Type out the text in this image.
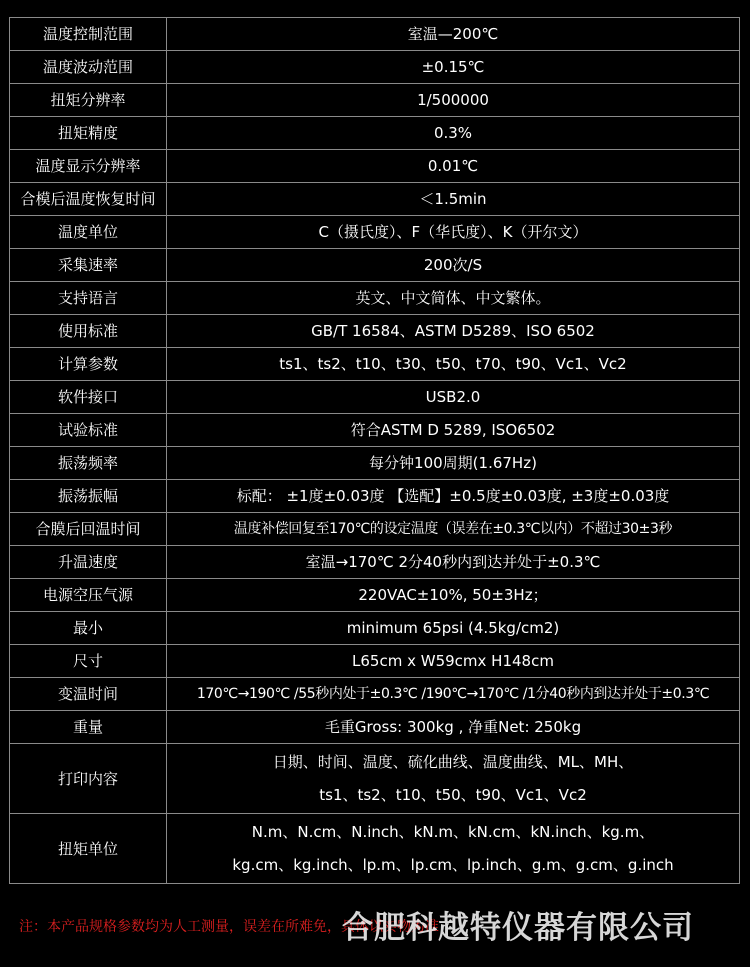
温度控制范围	室温—200℃
温度波动范围	±0.15℃
扭矩分辨率	1/500000
扭矩精度	0.3%
温度显示分辨率	0.01℃
合模后温度恢复时间	＜1.5min
温度单位	C（摄氏度）、F（华氏度）、K（开尔文）
采集速率	200次/S
支持语言	英文、中文简体、中文繁体。
使用标准	GB/T 16584、ASTM D5289、ISO 6502
计算参数	ts1、ts2、t10、t30、t50、t70、t90、Vc1、Vc2
软件接口	USB2.0
试验标准	符合ASTM D 5289, ISO6502
振荡频率	每分钟100周期(1.67Hz)
振荡振幅	标配： ±1度±0.03度 【选配】±0.5度±0.03度, ±3度±0.03度
合膜后回温时间	温度补偿回复至170℃的设定温度（误差在±0.3℃以内）不超过30±3秒
升温速度	室温→170℃ 2分40秒内到达并处于±0.3℃
电源空压气源	220VAC±10%, 50±3Hz；
最小	minimum 65psi (4.5kg/cm2)
尺寸	L65cm x W59cmx H148cm
变温时间	170℃→190℃ /55秒内处于±0.3℃ /190℃→170℃ /1分40秒内到达并处于±0.3℃
重量	毛重Gross: 300kg , 净重Net: 250kg
打印内容	日期、时间、温度、硫化曲线、温度曲线、ML、MH、
ts1、ts2、t10、t50、t90、Vc1、Vc2

扭矩单位	N.m、N.cm、N.inch、kN.m、kN.cm、kN.inch、kg.m、
kg.cm、kg.inch、lp.m、lp.cm、lp.inch、g.m、g.cm、g.inch
注：本产品规格参数均为人工测量，误差在所难免，具体以实物为准
合肥科越特仪器有限公司
